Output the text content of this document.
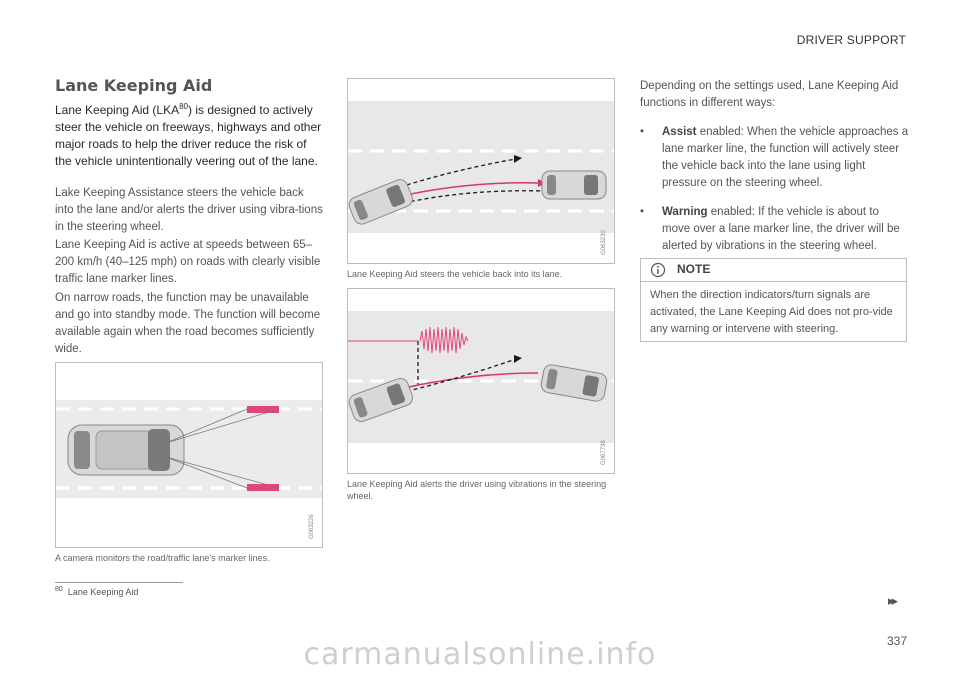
DRIVER SUPPORT
Lane Keeping Aid
Lane Keeping Aid (LKA$^{80}$) is designed to actively steer the vehicle on freeways, highways and other major roads to help the driver reduce the risk of the vehicle unintentionally veering out of the lane.
Lake Keeping Assistance steers the vehicle back into the lane and/or alerts the driver using vibra-tions in the steering wheel.
Lane Keeping Aid is active at speeds between 65–200 km/h (40–125 mph) on roads with clearly visible traffic lane marker lines.
On narrow roads, the function may be unavailable and go into standby mode. The function will become available again when the road becomes sufficiently wide.
G063226
A camera monitors the road/traffic lane's marker lines.
G063230
Lane Keeping Aid steers the vehicle back into its lane.
G067738
Lane Keeping Aid alerts the driver using vibrations in the steering wheel.
Depending on the settings used, Lane Keeping Aid functions in different ways:
• Assist enabled: When the vehicle approaches a lane marker line, the function will actively steer the vehicle back into the lane using light pressure on the steering wheel.
• Warning enabled: If the vehicle is about to move over a lane marker line, the driver will be alerted by vibrations in the steering wheel.
NOTE
When the direction indicators/turn signals are activated, the Lane Keeping Aid does not pro-vide any warning or intervene with steering.
$^{80}$ Lane Keeping Aid
▸▸
337
carmanualsonline.info
